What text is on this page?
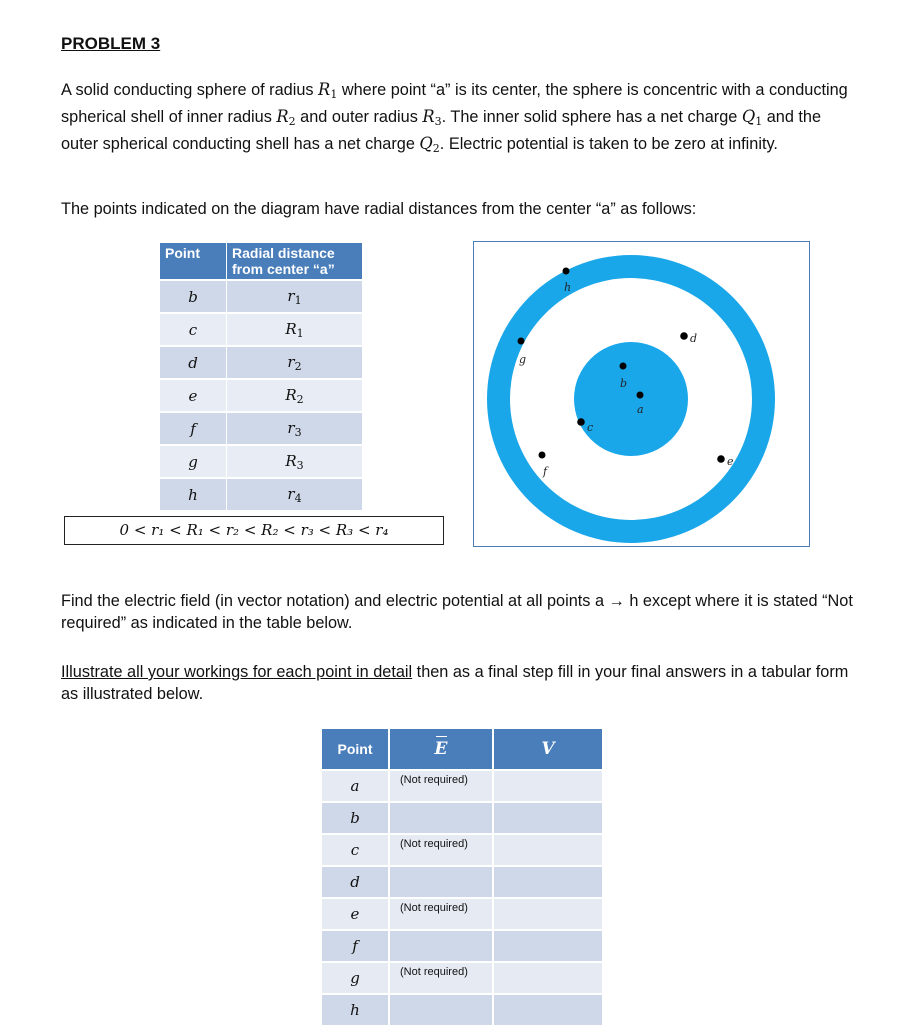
PROBLEM 3
A solid conducting sphere of radius $R_1$ where point “a” is its center, the sphere is concentric with a conducting spherical shell of inner radius $R_2$ and outer radius $R_3$. The inner solid sphere has a net charge $Q_1$ and the outer spherical conducting shell has a net charge $Q_2$. Electric potential is taken to be zero at infinity.
The points indicated on the diagram have radial distances from the center “a” as follows:
Point	Radial distance from center “a”
b	$r_1$
c	$R_1$
d	$r_2$
e	$R_2$
f	$r_3$
g	$R_3$
h	$r_4$
0 < r₁ < R₁ < r₂ < R₂ < r₃ < R₃ < r₄
a
b
c
d
e
f
g
h
Find the electric field (in vector notation) and electric potential at all points a → h except where it is stated “Not required” as indicated in the table below.
Illustrate all your workings for each point in detail then as a final step fill in your final answers in a tabular form as illustrated below.
Point	E	V
a	(Not required)	
b		
c	(Not required)	
d		
e	(Not required)	
f		
g	(Not required)	
h		
